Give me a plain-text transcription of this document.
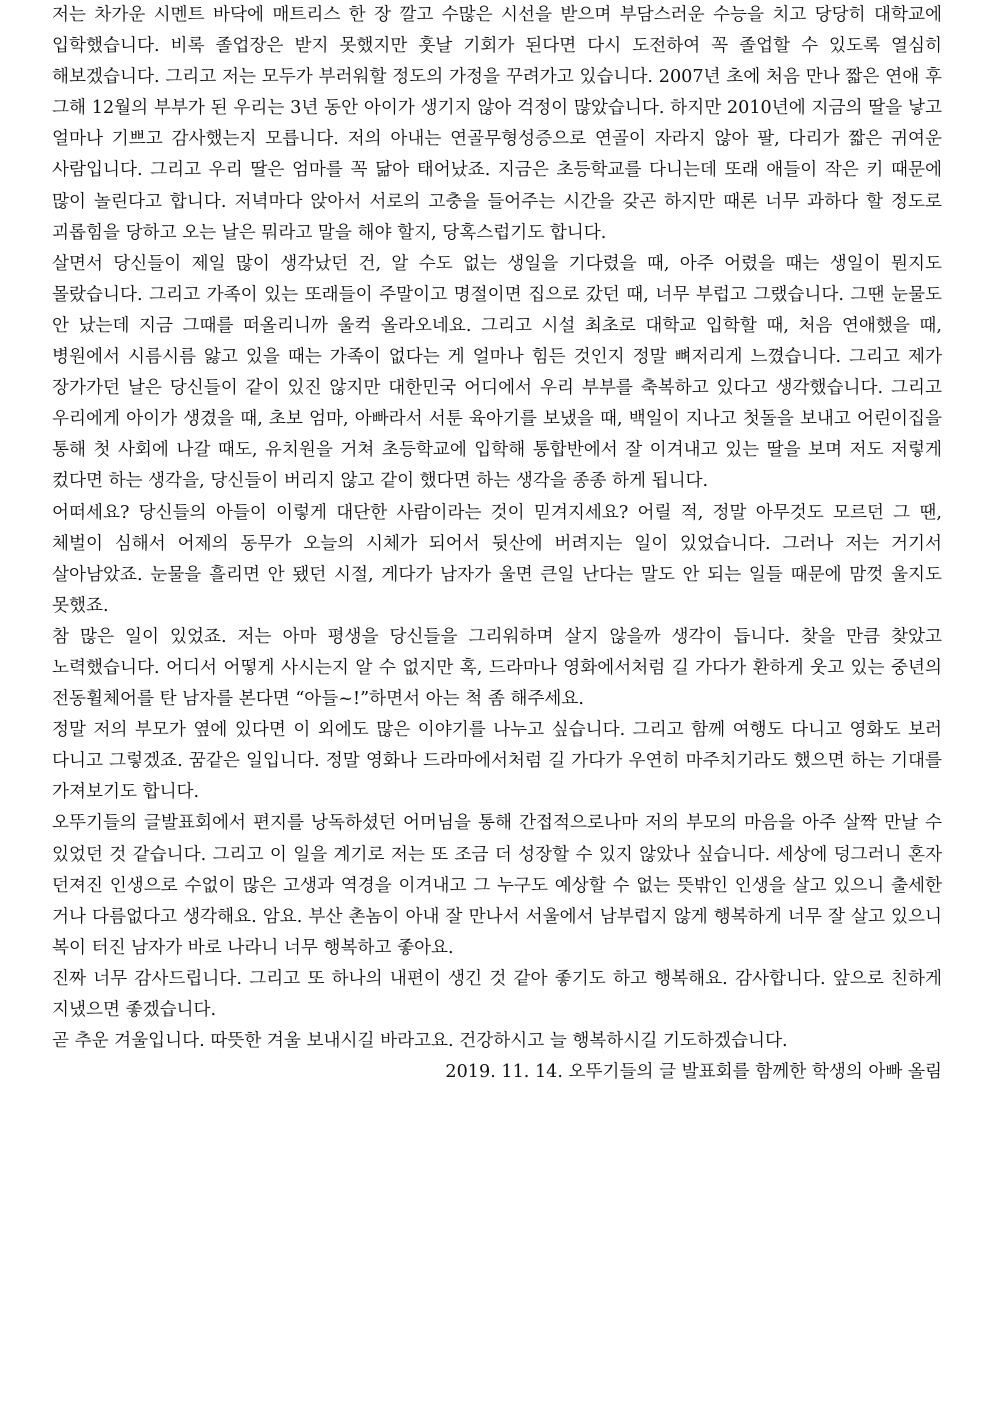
저는 차가운 시멘트 바닥에 매트리스 한 장 깔고 수많은 시선을 받으며 부담스러운 수능을 치고 당당히 대학교에 입학했습니다. 비록 졸업장은 받지 못했지만 훗날 기회가 된다면 다시 도전하여 꼭 졸업할 수 있도록 열심히 해보겠습니다. 그리고 저는 모두가 부러워할 정도의 가정을 꾸려가고 있습니다. 2007년 초에 처음 만나 짧은 연애 후 그해 12월의 부부가 된 우리는 3년 동안 아이가 생기지 않아 걱정이 많았습니다. 하지만 2010년에 지금의 딸을 낳고 얼마나 기쁘고 감사했는지 모릅니다. 저의 아내는 연골무형성증으로 연골이 자라지 않아 팔, 다리가 짧은 귀여운 사람입니다. 그리고 우리 딸은 엄마를 꼭 닮아 태어났죠. 지금은 초등학교를 다니는데 또래 애들이 작은 키 때문에 많이 놀린다고 합니다. 저녁마다 앉아서 서로의 고충을 들어주는 시간을 갖곤 하지만 때론 너무 과하다 할 정도로 괴롭힘을 당하고 오는 날은 뭐라고 말을 해야 할지, 당혹스럽기도 합니다.

살면서 당신들이 제일 많이 생각났던 건, 알 수도 없는 생일을 기다렸을 때, 아주 어렸을 때는 생일이 뭔지도 몰랐습니다. 그리고 가족이 있는 또래들이 주말이고 명절이면 집으로 갔던 때, 너무 부럽고 그랬습니다. 그땐 눈물도 안 났는데 지금 그때를 떠올리니까 울컥 올라오네요. 그리고 시설 최초로 대학교 입학할 때, 처음 연애했을 때, 병원에서 시름시름 앓고 있을 때는 가족이 없다는 게 얼마나 힘든 것인지 정말 뼈저리게 느꼈습니다. 그리고 제가 장가가던 날은 당신들이 같이 있진 않지만 대한민국 어디에서 우리 부부를 축복하고 있다고 생각했습니다. 그리고 우리에게 아이가 생겼을 때, 초보 엄마, 아빠라서 서툰 육아기를 보냈을 때, 백일이 지나고 첫돌을 보내고 어린이집을 통해 첫 사회에 나갈 때도, 유치원을 거쳐 초등학교에 입학해 통합반에서 잘 이겨내고 있는 딸을 보며 저도 저렇게 컸다면 하는 생각을, 당신들이 버리지 않고 같이 했다면 하는 생각을 종종 하게 됩니다.

어떠세요? 당신들의 아들이 이렇게 대단한 사람이라는 것이 믿겨지세요? 어릴 적, 정말 아무것도 모르던 그 땐, 체벌이 심해서 어제의 동무가 오늘의 시체가 되어서 뒷산에 버려지는 일이 있었습니다. 그러나 저는 거기서 살아남았죠. 눈물을 흘리면 안 됐던 시절, 게다가 남자가 울면 큰일 난다는 말도 안 되는 일들 때문에 맘껏 울지도 못했죠.

참 많은 일이 있었죠. 저는 아마 평생을 당신들을 그리워하며 살지 않을까 생각이 듭니다. 찾을 만큼 찾았고 노력했습니다. 어디서 어떻게 사시는지 알 수 없지만 혹, 드라마나 영화에서처럼 길 가다가 환하게 웃고 있는 중년의 전동휠체어를 탄 남자를 본다면 “아들~!”하면서 아는 척 좀 해주세요.

정말 저의 부모가 옆에 있다면 이 외에도 많은 이야기를 나누고 싶습니다. 그리고 함께 여행도 다니고 영화도 보러 다니고 그렇겠죠. 꿈같은 일입니다. 정말 영화나 드라마에서처럼 길 가다가 우연히 마주치기라도 했으면 하는 기대를 가져보기도 합니다.

오뚜기들의 글발표회에서 편지를 낭독하셨던 어머님을 통해 간접적으로나마 저의 부모의 마음을 아주 살짝 만날 수 있었던 것 같습니다. 그리고 이 일을 계기로 저는 또 조금 더 성장할 수 있지 않았나 싶습니다. 세상에 덩그러니 혼자 던져진 인생으로 수없이 많은 고생과 역경을 이겨내고 그 누구도 예상할 수 없는 뜻밖인 인생을 살고 있으니 출세한 거나 다름없다고 생각해요. 암요. 부산 촌놈이 아내 잘 만나서 서울에서 남부럽지 않게 행복하게 너무 잘 살고 있으니 복이 터진 남자가 바로 나라니 너무 행복하고 좋아요.

진짜 너무 감사드립니다. 그리고 또 하나의 내편이 생긴 것 같아 좋기도 하고 행복해요. 감사합니다. 앞으로 친하게 지냈으면 좋겠습니다.

곧 추운 겨울입니다. 따뜻한 겨울 보내시길 바라고요. 건강하시고 늘 행복하시길 기도하겠습니다.

2019. 11. 14. 오뚜기들의 글 발표회를 함께한 학생의 아빠 올림
